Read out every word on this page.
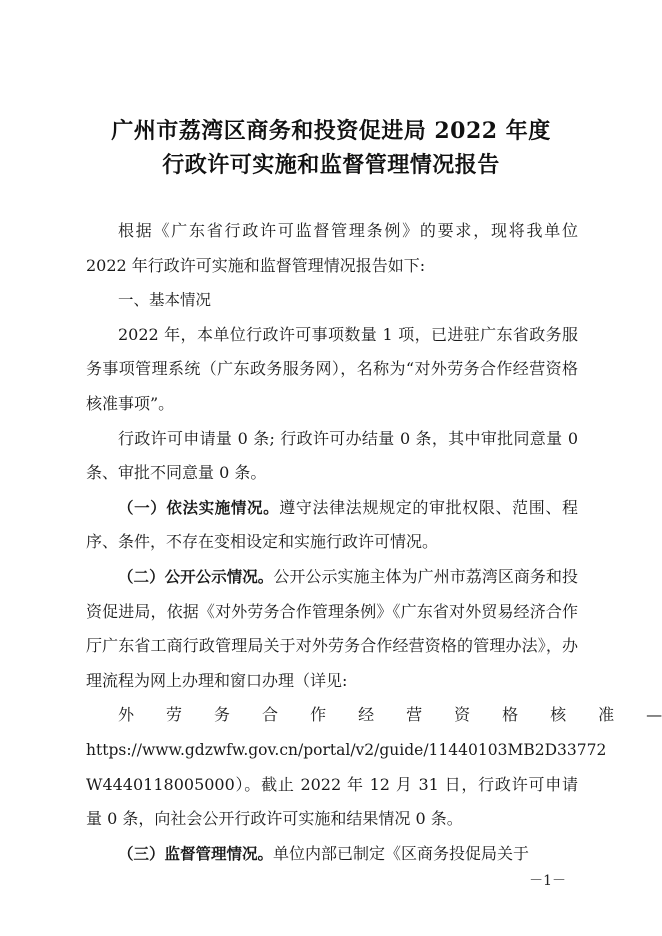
广州市荔湾区商务和投资促进局 2022 年度
行政许可实施和监督管理情况报告

根据《广东省行政许可监督管理条例》的要求，现将我单位 2022 年行政许可实施和监督管理情况报告如下:

一、基本情况

2022 年，本单位行政许可事项数量 1 项，已进驻广东省政务服务事项管理系统（广东政务服务网），名称为“对外劳务合作经营资格核准事项”。

行政许可申请量 0 条; 行政许可办结量 0 条，其中审批同意量 0 条、审批不同意量 0 条。

（一）依法实施情况。遵守法律法规规定的审批权限、范围、程序、条件，不存在变相设定和实施行政许可情况。

（二）公开公示情况。公开公示实施主体为广州市荔湾区商务和投资促进局，依据《对外劳务合作管理条例》《广东省对外贸易经济合作厅广东省工商行政管理局关于对外劳务合作经营资格的管理办法》，办理流程为网上办理和窗口办理（详见:

外	劳	务	合	作	经	营	资	格	核	准	—

https://www.gdzwfw.gov.cn/portal/v2/guide/11440103MB2D33772

W4440118005000）。截止 2022 年 12 月 31 日，行政许可申请量 0 条，向社会公开行政许可实施和结果情况 0 条。

（三）监督管理情况。单位内部已制定《区商务投促局关于

－1－
